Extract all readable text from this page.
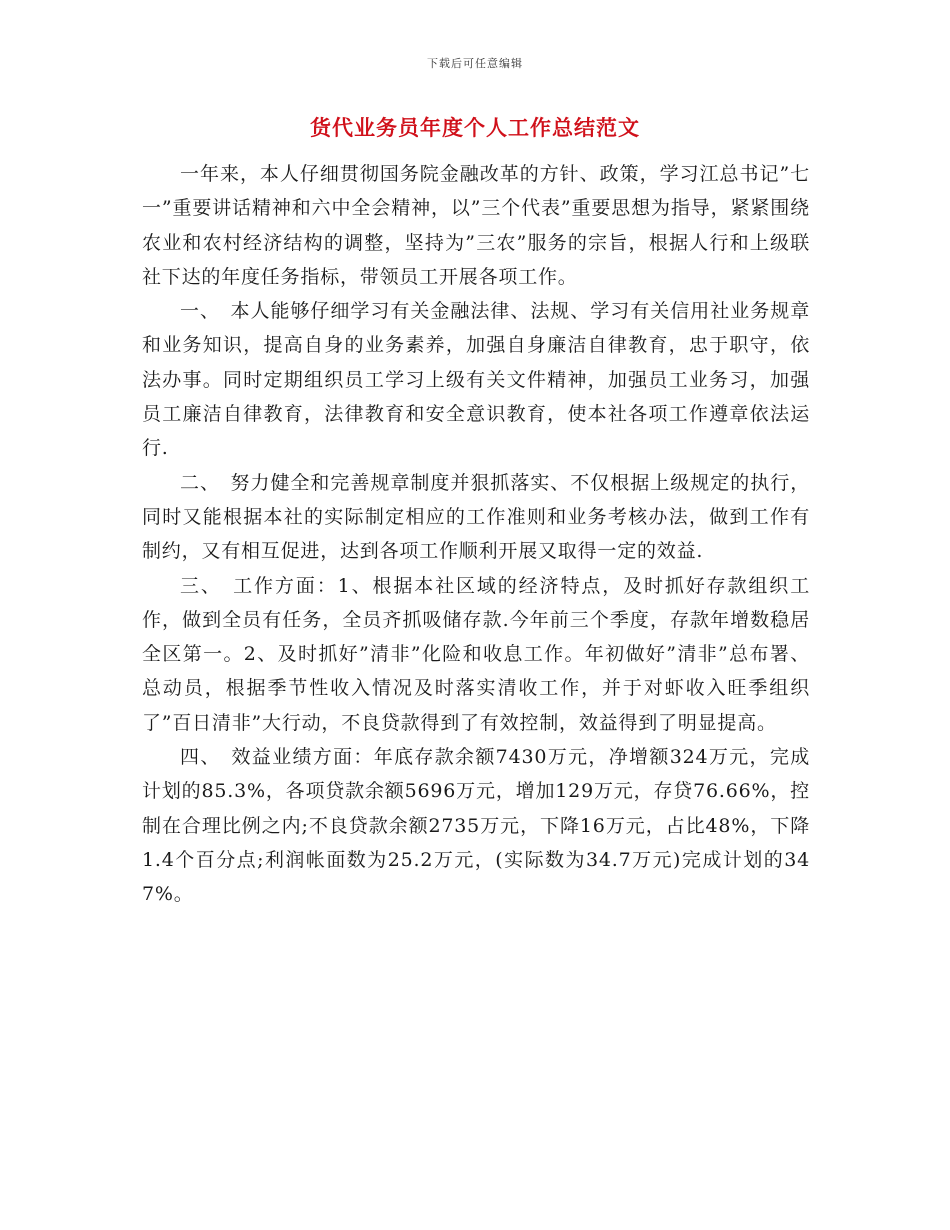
下载后可任意编辑
货代业务员年度个人工作总结范文

一年来，本人仔细贯彻国务院金融改革的方针、政策，学习江总书记”七一”重要讲话精神和六中全会精神，以”三个代表”重要思想为指导，紧紧围绕农业和农村经济结构的调整，坚持为”三农”服务的宗旨，根据人行和上级联社下达的年度任务指标，带领员工开展各项工作。

一、　本人能够仔细学习有关金融法律、法规、学习有关信用社业务规章和业务知识，提高自身的业务素养，加强自身廉洁自律教育，忠于职守，依法办事。同时定期组织员工学习上级有关文件精神，加强员工业务习，加强员工廉洁自律教育，法律教育和安全意识教育，使本社各项工作遵章依法运行.

二、　努力健全和完善规章制度并狠抓落实、不仅根据上级规定的执行，同时又能根据本社的实际制定相应的工作准则和业务考核办法，做到工作有制约，又有相互促进，达到各项工作顺利开展又取得一定的效益.

三、　工作方面：1、根据本社区域的经济特点，及时抓好存款组织工作，做到全员有任务，全员齐抓吸储存款.今年前三个季度，存款年增数稳居全区第一。2、及时抓好”清非”化险和收息工作。年初做好”清非”总布署、总动员，根据季节性收入情况及时落实清收工作，并于对虾收入旺季组织了”百日清非”大行动，不良贷款得到了有效控制，效益得到了明显提高。

四、　效益业绩方面：年底存款余额7430万元，净增额324万元，完成计划的85.3%，各项贷款余额5696万元，增加129万元，存贷76.66%，控制在合理比例之内;不良贷款余额2735万元，下降16万元，占比48%，下降1.4个百分点;利润帐面数为25.2万元，(实际数为34.7万元)完成计划的347%。
